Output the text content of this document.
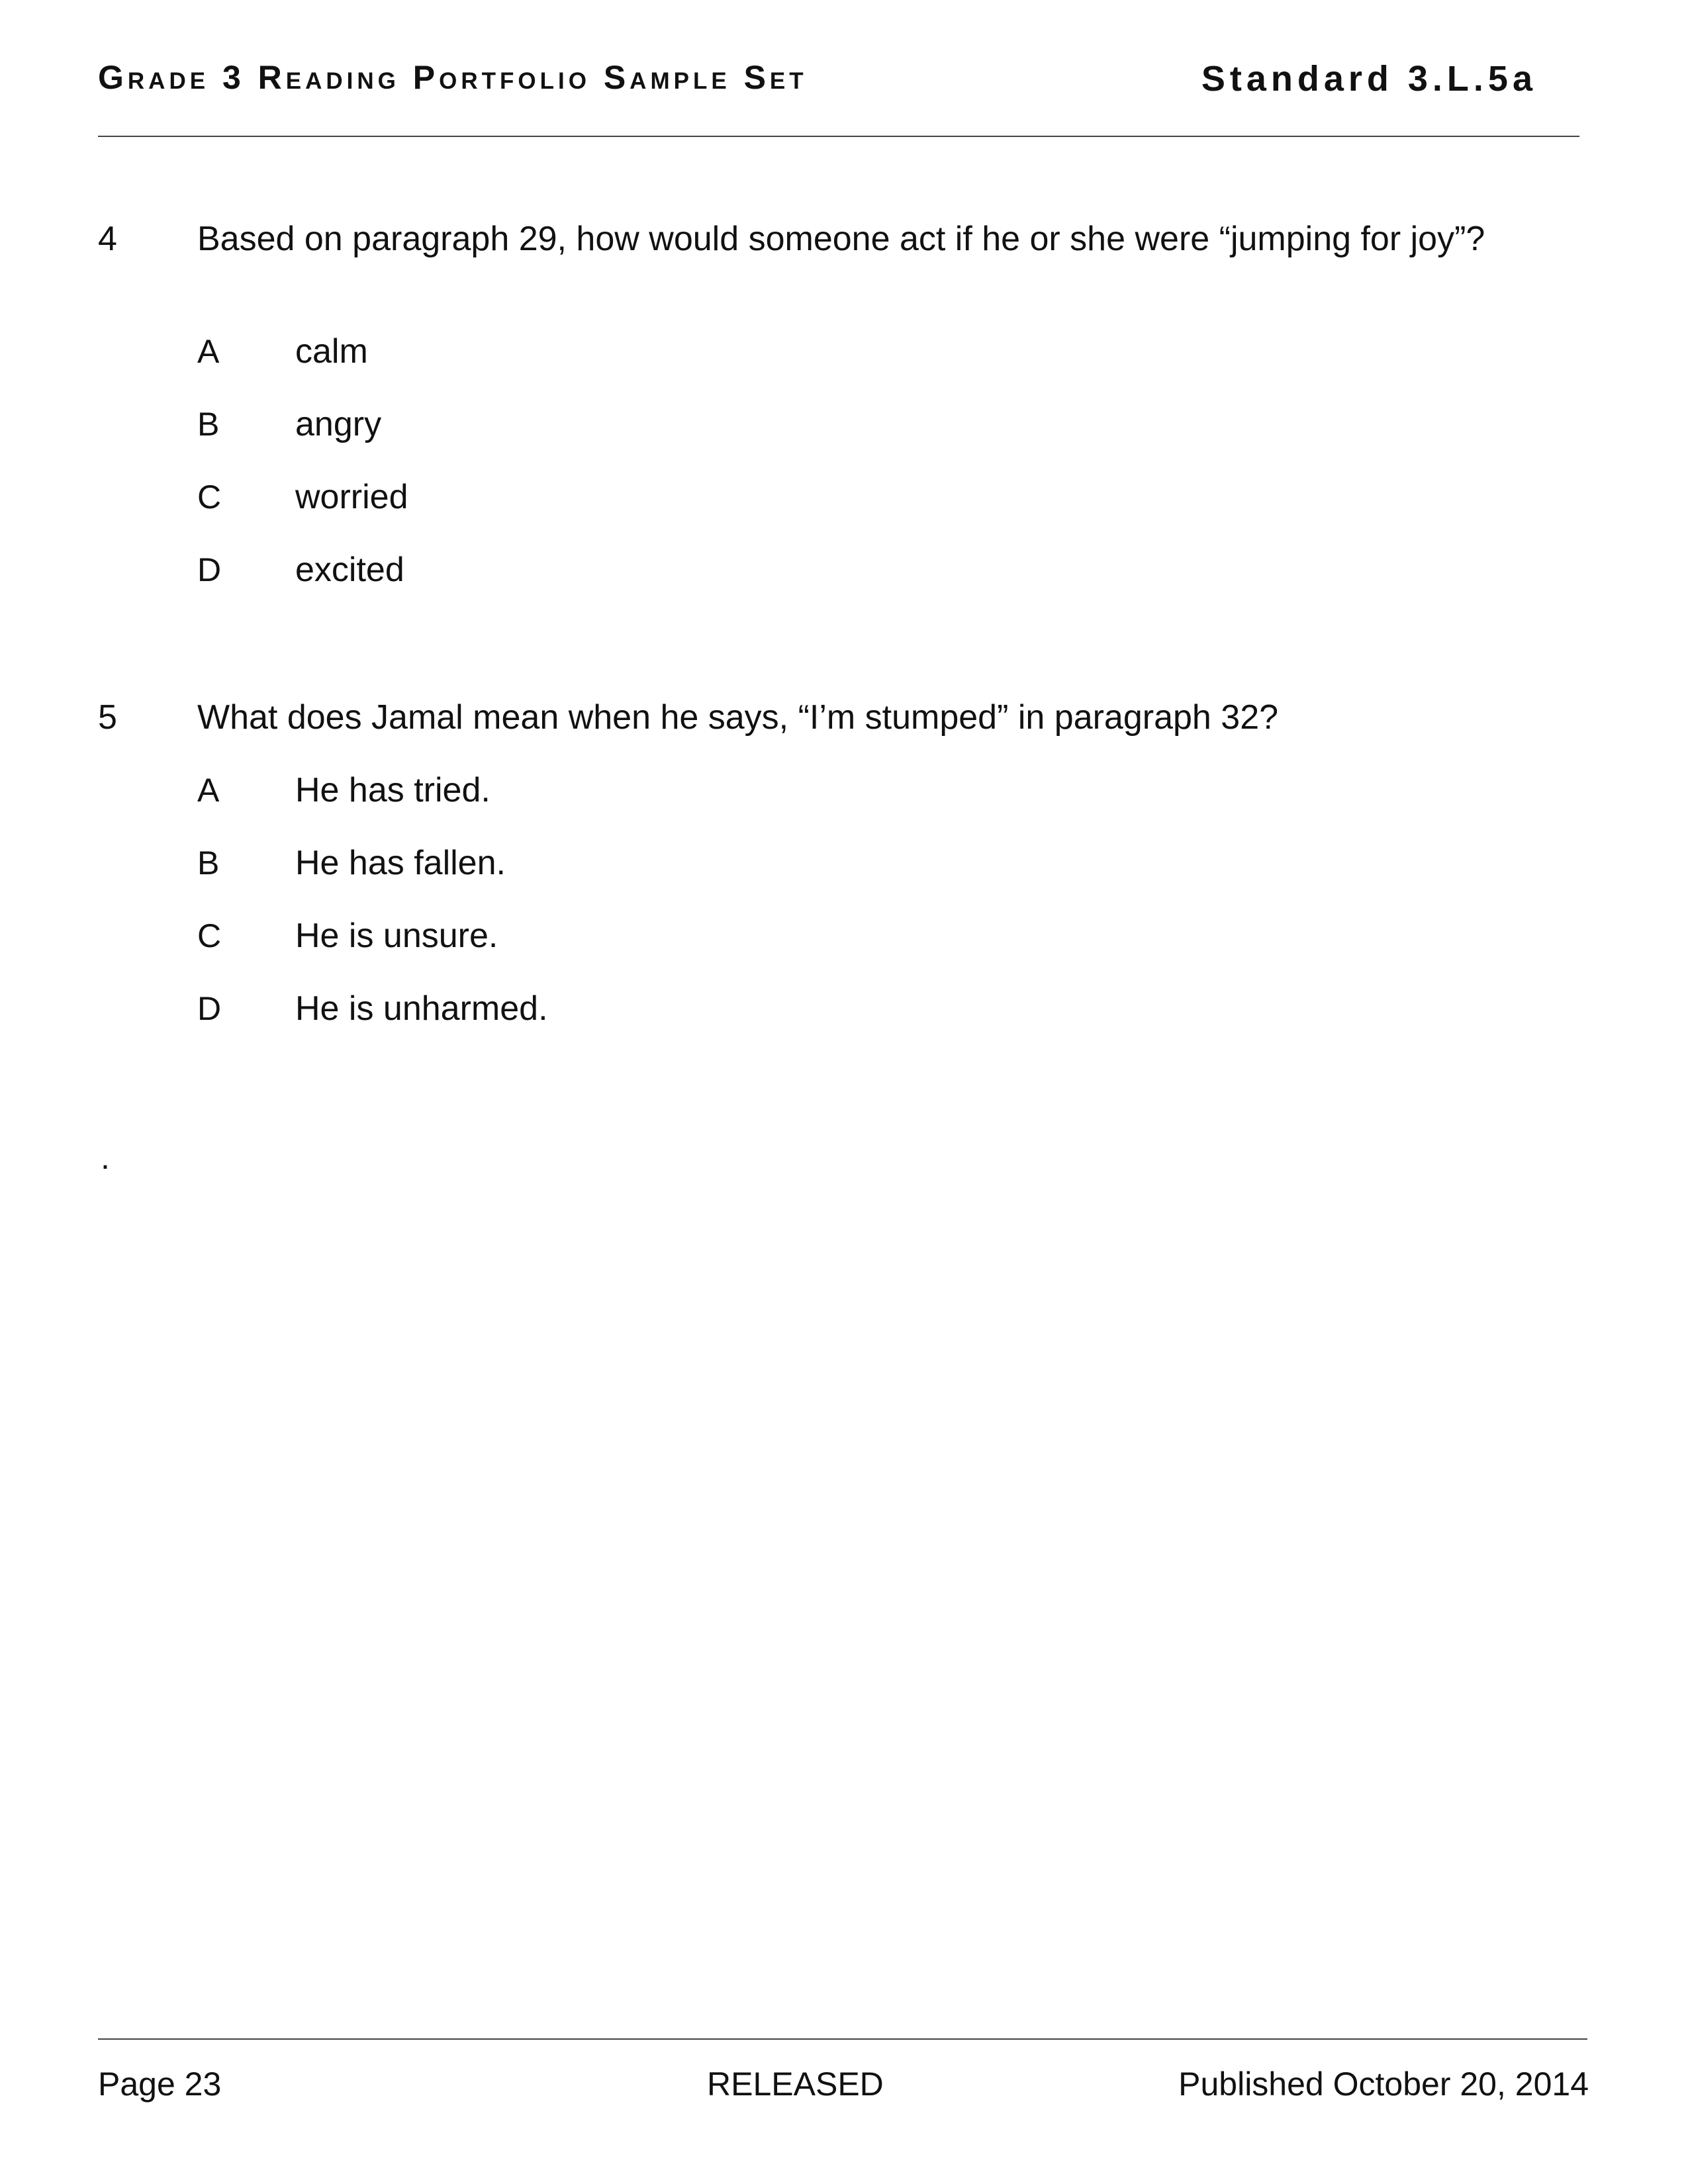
Grade 3 Reading Portfolio Sample Set	Standard 3.L.5a
4 Based on paragraph 29, how would someone act if he or she were “jumping for joy”?
A calm
B angry
C worried
D excited
5 What does Jamal mean when he says, “I’m stumped” in paragraph 32?
A He has tried.
B He has fallen.
C He is unsure.
D He is unharmed.
.
Page 23	RELEASED	Published October 20, 2014
